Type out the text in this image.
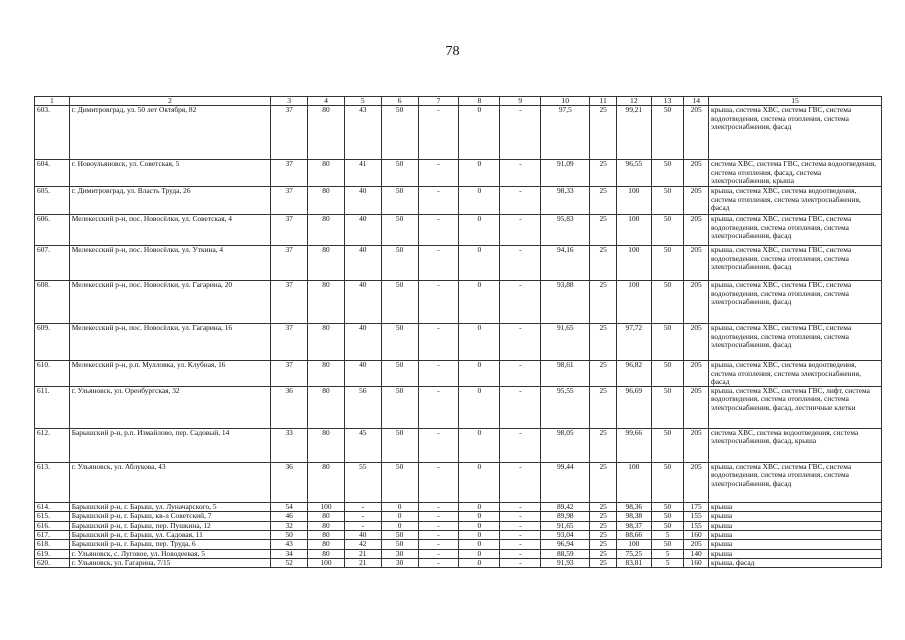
78
1	2	3	4	5	6	7	8	9	10	11	12	13	14	15
603.	г. Димитровград, ул. 50 лет Октября, 82	37	80	43	50	-	0	-	97,5	25	99,21	50	205	крыша, система ХВС, система ГВС, система водоотведения, система отопления, система электроснабжения, фасад
604.	г. Новоульяновск, ул. Советская, 5	37	80	41	50	-	0	-	91,09	25	96,55	50	205	система ХВС, система ГВС, система водоотведения, система отопления, фасад, система электроснабжения, крыша
605.	г. Димитровград, ул. Власть Труда, 26	37	80	40	50	-	0	-	98,33	25	100	50	205	крыша, система ХВС, система водоотведения, система отопления, система электроснабжения, фасад
606.	Мелекесский р-н, пос. Новосёлки, ул. Советская, 4	37	80	40	50	-	0	-	95,83	25	100	50	205	крыша, система ХВС, система ГВС, система водоотведения, система отопления, система электроснабжения, фасад
607.	Мелекесский р-н, пос. Новосёлки, ул. Уткина, 4	37	80	40	50	-	0	-	94,16	25	100	50	205	крыша, система ХВС, система ГВС, система водоотведения, система отопления, система электроснабжения, фасад
608.	Мелекесский р-н, пос. Новосёлки, ул. Гагарина, 20	37	80	40	50	-	0	-	93,88	25	100	50	205	крыша, система ХВС, система ГВС, система водоотведения, система отопления, система электроснабжения, фасад
609.	Мелекесский р-н, пос. Новосёлки, ул. Гагарина, 16	37	80	40	50	-	0	-	91,65	25	97,72	50	205	крыша, система ХВС, система ГВС, система водоотведения, система отопления, система электроснабжения, фасад
610.	Мелекесский р-н, р.п. Мулловка, ул. Клубная, 16	37	80	40	50	-	0	-	98,61	25	96,82	50	205	крыша, система ХВС, система водоотведения, система отопления, система электроснабжения, фасад
611.	г. Ульяновск, ул. Оренбургская, 32	36	80	56	50	-	0	-	95,55	25	96,69	50	205	крыша, система ХВС, система ГВС, лифт, система водоотведения, система отопления, система электроснабжения, фасад, лестничные клетки
612.	Барышский р-н, р.п. Измайлово, пер. Садовый, 14	33	80	45	50	-	0	-	98,05	25	99,66	50	205	система ХВС, система водоотведения, система электроснабжения, фасад, крыша
613.	г. Ульяновск, ул. Аблукова, 43	36	80	55	50	-	0	-	99,44	25	100	50	205	крыша, система ХВС, система ГВС, система водоотведения, система отопления, система электроснабжения, фасад
614.	Барышский р-н, г. Барыш, ул. Луначарского, 5	54	100	-	0	-	0	-	89,42	25	98,36	50	175	крыша
615.	Барышский р-н, г. Барыш, кв-л Советский, 7	46	80	-	0	-	0	-	89,98	25	98,38	50	155	крыша
616.	Барышский р-н, г. Барыш, пер. Пушкина, 12	32	80	-	0	-	0	-	91,65	25	98,37	50	155	крыша
617.	Барышский р-н, г. Барыш, ул. Садовая, 11	50	80	40	50	-	0	-	93,04	25	88,66	5	160	крыша
618.	Барышский р-н, г. Барыш, пер. Труда, 6	43	80	42	50	-	0	-	96,94	25	100	50	205	крыша
619.	г. Ульяновск, с. Луговое, ул. Новодеевая, 5	34	80	21	30	-	0	-	88,59	25	75,25	5	140	крыша
620.	г. Ульяновск, ул. Гагарина, 7/15	52	100	21	30	-	0	-	91,93	25	83,81	5	160	крыша, фасад
